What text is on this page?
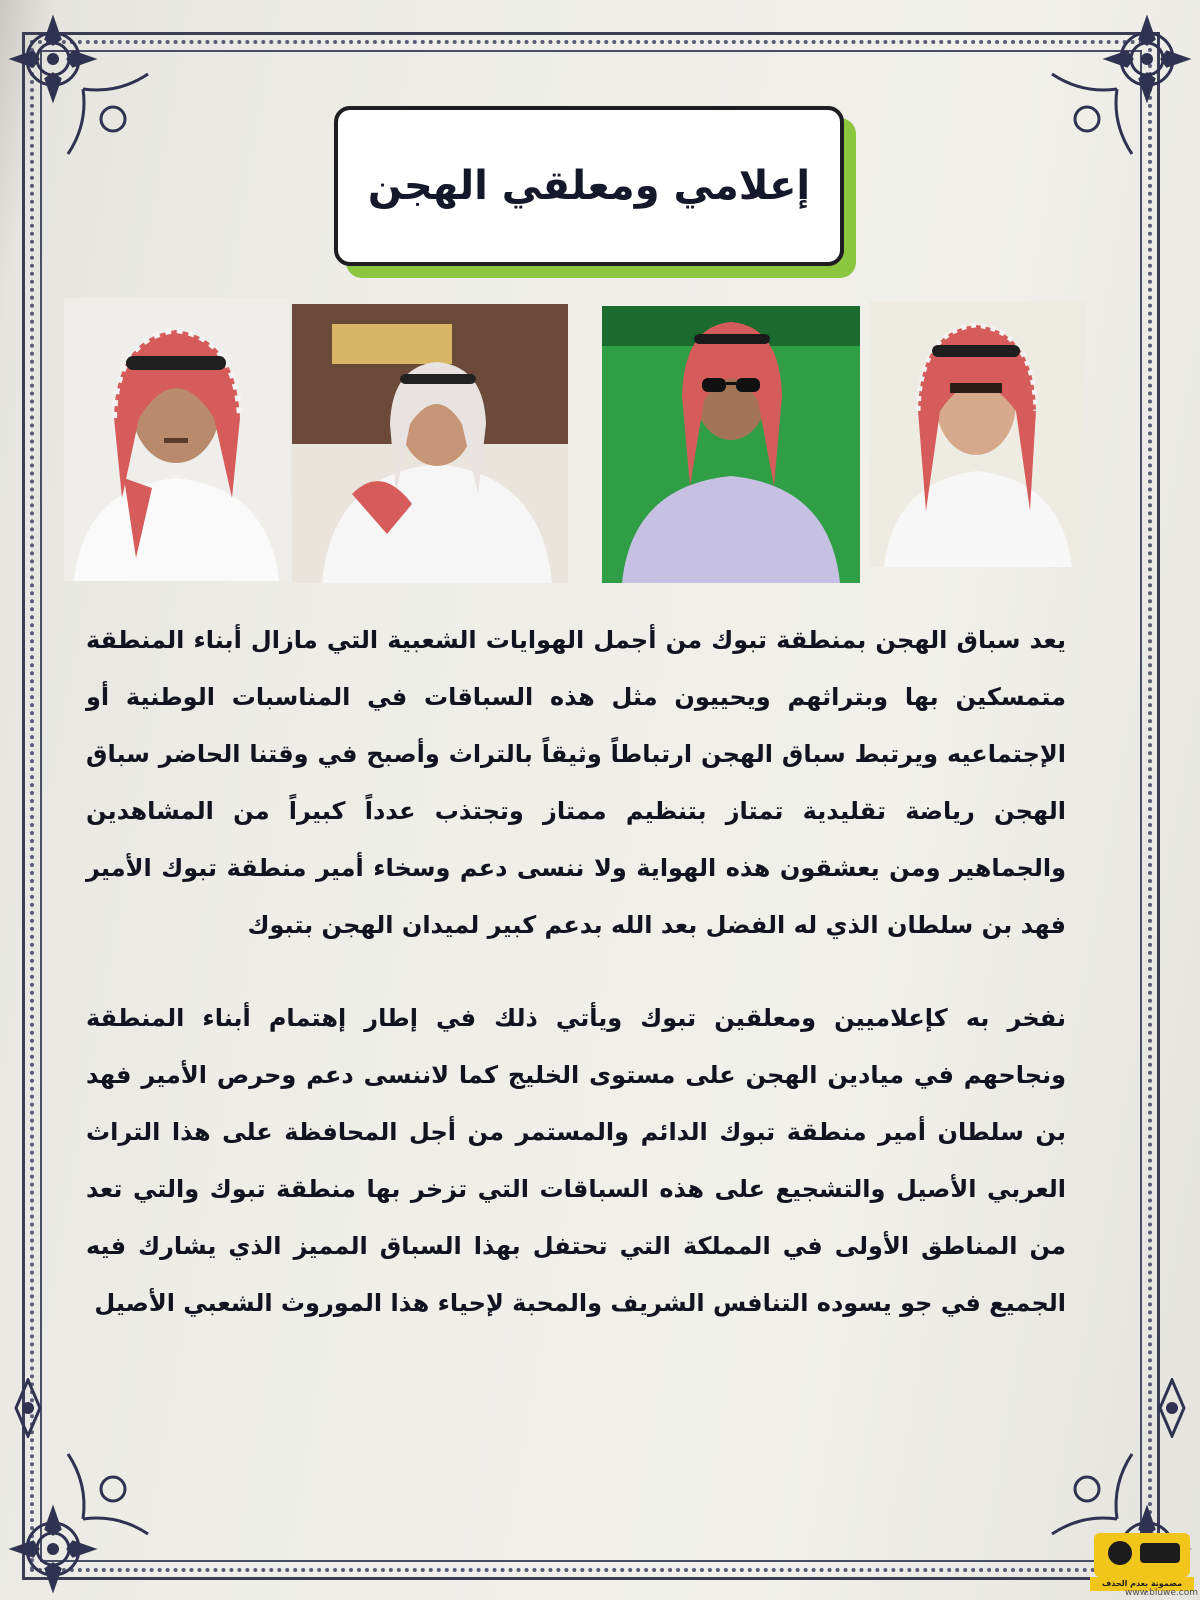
إعلامي ومعلقي الهجن

يعد سباق الهجن بمنطقة تبوك من أجمل الهوايات الشعبية التي مازال أبناء المنطقة متمسكين بها وبتراثهم ويحييون مثل هذه السباقات في المناسبات الوطنية أو الإجتماعيه ويرتبط سباق الهجن ارتباطاً وثيقاً بالتراث وأصبح في وقتنا الحاضر سباق الهجن رياضة تقليدية تمتاز بتنظيم ممتاز وتجتذب عدداً كبيراً من المشاهدين والجماهير ومن يعشقون هذه الهواية ولا ننسى دعم وسخاء أمير منطقة تبوك الأمير فهد بن سلطان الذي له الفضل بعد الله بدعم كبير لميدان الهجن بتبوك

نفخر به كإعلاميين ومعلقين تبوك ويأتي ذلك في إطار إهتمام أبناء المنطقة ونجاحهم في ميادين الهجن على مستوى الخليج كما لاننسى دعم وحرص الأمير فهد بن سلطان أمير منطقة تبوك الدائم والمستمر من أجل المحافظة على هذا التراث العربي الأصيل والتشجيع على هذه السباقات التي تزخر بها منطقة تبوك والتي تعد من المناطق الأولى في المملكة التي تحتفل بهذا السباق المميز الذي يشارك فيه الجميع في جو يسوده التنافس الشريف والمحبة لإحياء هذا الموروث الشعبي الأصيل

مضمونة بعدم الحذف
www.bluwe.com
